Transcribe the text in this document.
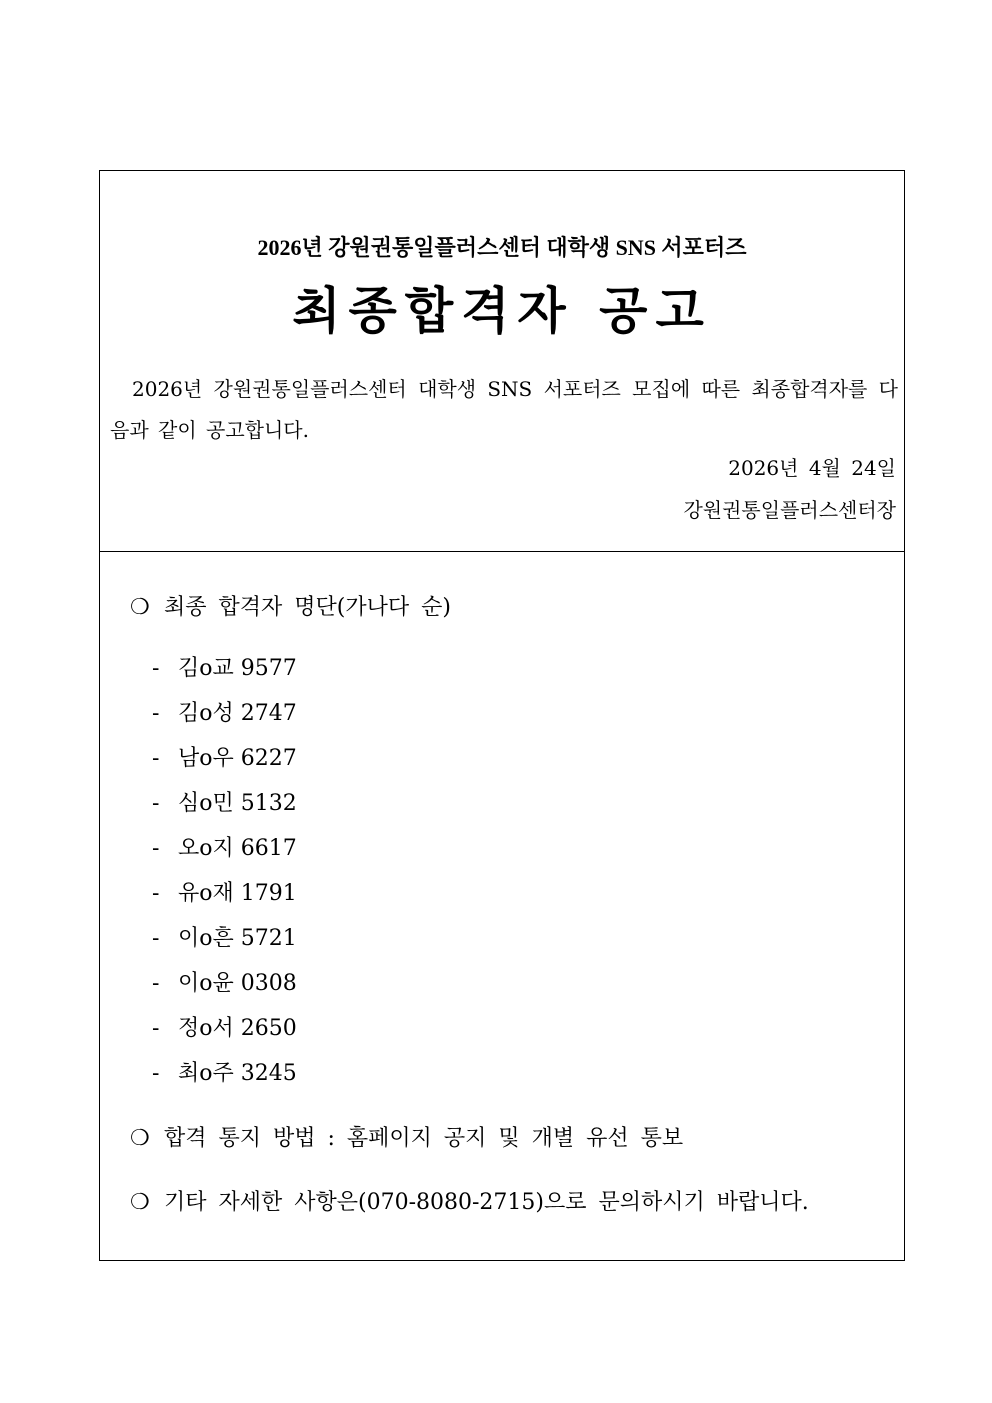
2026년 강원권통일플러스센터 대학생 SNS 서포터즈
최종합격자 공고
2026년 강원권통일플러스센터 대학생 SNS 서포터즈 모집에 따른 최종합격자를 다음과 같이 공고합니다.
2026년 4월 24일
강원권통일플러스센터장
❍ 최종 합격자 명단(가나다 순)
- 김o교 9577
- 김o성 2747
- 남o우 6227
- 심o민 5132
- 오o지 6617
- 유o재 1791
- 이o흔 5721
- 이o윤 0308
- 정o서 2650
- 최o주 3245
❍ 합격 통지 방법 : 홈페이지 공지 및 개별 유선 통보
❍ 기타 자세한 사항은(070-8080-2715)으로 문의하시기 바랍니다.
